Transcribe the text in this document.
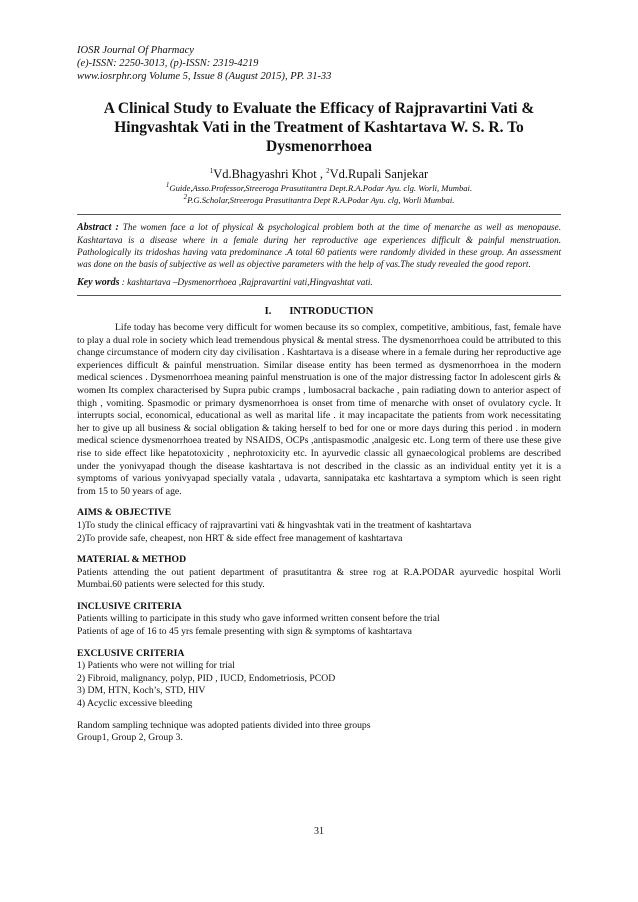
IOSR Journal Of Pharmacy
(e)-ISSN: 2250-3013, (p)-ISSN: 2319-4219
www.iosrphr.org Volume 5, Issue 8 (August 2015), PP. 31-33
A Clinical Study to Evaluate the Efficacy of Rajpravartini Vati & Hingvashtak Vati in the Treatment of Kashtartava W. S. R. To Dysmenorrhoea
$^1$Vd.Bhagyashri Khot , $^2$Vd.Rupali Sanjekar
$^1$Guide,Asso.Professor,Streeroga Prasutitantra Dept.R.A.Podar Ayu. clg. Worli, Mumbai.
$^2$P.G.Scholar,Streeroga Prasutitantra Dept R.A.Podar Ayu. clg, Worli Mumbai.
Abstract : The women face a lot of physical & psychological problem both at the time of menarche as well as menopause. Kashtartava is a disease where in a female during her reproductive age experiences difficult & painful menstruation. Pathologically its tridoshas having vata predominance .A total 60 patients were randomly divided in these group. An assessment was done on the basis of subjective as well as objective parameters with the help of vas.The study revealed the good report.
Key words : kashtartava –Dysmenorrhoea ,Rajpravartini vati,Hingvashtat vati.
I. INTRODUCTION

Life today has become very difficult for women because its so complex, competitive, ambitious, fast, female have to play a dual role in society which lead tremendous physical & mental stress. The dysmenorrhoea could be attributed to this change circumstance of modern city day civilisation . Kashtartava is a disease where in a female during her reproductive age experiences difficult & painful menstruation. Similar disease entity has been termed as dysmenorrhoea in the modern medical sciences . Dysmenorrhoea meaning painful menstruation is one of the major distressing factor In adolescent girls & women Its complex characterised by Supra pubic cramps , lumbosacral backache , pain radiating down to anterior aspect of thigh , vomiting. Spasmodic or primary dysmenorrhoea is onset from time of menarche with onset of ovulatory cycle. It interrupts social, economical, educational as well as marital life . it may incapacitate the patients from work necessitating her to give up all business & social obligation & taking herself to bed for one or more days during this period . in modern medical science dysmenorrhoea treated by NSAIDS, OCPs ,antispasmodic ,analgesic etc. Long term of there use these give rise to side effect like hepatotoxicity , nephrotoxicity etc. In ayurvedic classic all gynaecological problems are described under the yonivyapad though the disease kashtartava is not described in the classic as an individual entity yet it is a symptoms of various yonivyapad specially vatala , udavarta, sannipataka etc kashtartava a symptom which is seen right from 15 to 50 years of age.

AIMS & OBJECTIVE
1)To study the clinical efficacy of rajpravartini vati & hingvashtak vati in the treatment of kashtartava
2)To provide safe, cheapest, non HRT & side effect free management of kashtartava
MATERIAL & METHOD
Patients attending the out patient department of prasutitantra & stree rog at R.A.PODAR ayurvedic hospital Worli Mumbai.60 patients were selected for this study.
INCLUSIVE CRITERIA
Patients willing to participate in this study who gave informed written consent before the trial
Patients of age of 16 to 45 yrs female presenting with sign & symptoms of kashtartava
EXCLUSIVE CRITERIA
1) Patients who were not willing for trial
2) Fibroid, malignancy, polyp, PID , IUCD, Endometriosis, PCOD
3) DM, HTN, Koch’s, STD, HIV
4) Acyclic excessive bleeding
Random sampling technique was adopted patients divided into three groups
Group1, Group 2, Group 3.
31
